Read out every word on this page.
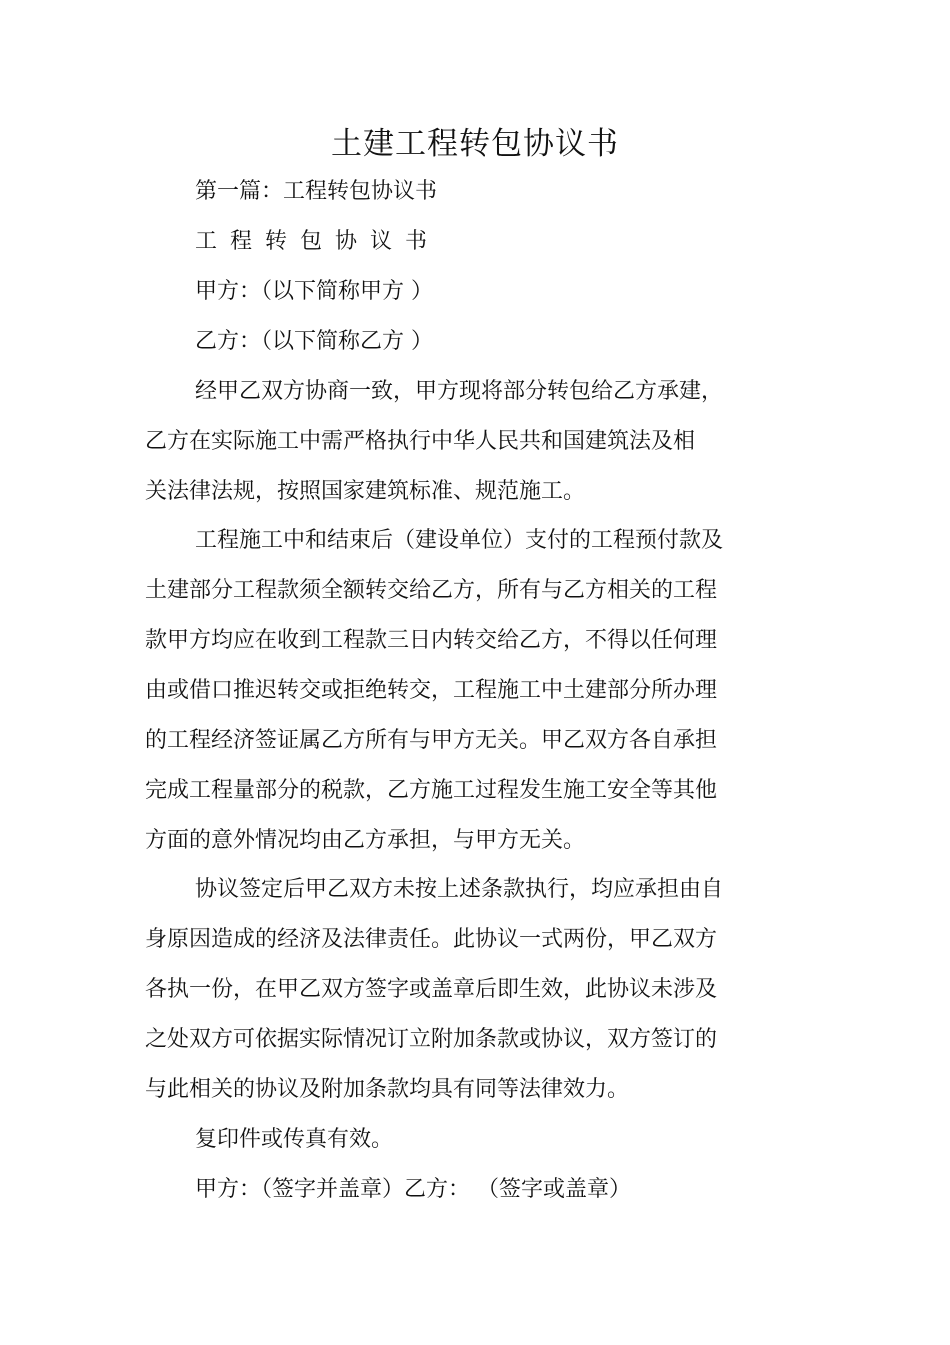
土建工程转包协议书
第一篇：工程转包协议书
工程转包协议书
甲方：（以下简称甲方 ）
乙方：（以下简称乙方 ）
经甲乙双方协商一致，甲方现将部分转包给乙方承建，
乙方在实际施工中需严格执行中华人民共和国建筑法及相
关法律法规，按照国家建筑标准、规范施工。
工程施工中和结束后（建设单位）支付的工程预付款及
土建部分工程款须全额转交给乙方，所有与乙方相关的工程
款甲方均应在收到工程款三日内转交给乙方，不得以任何理
由或借口推迟转交或拒绝转交，工程施工中土建部分所办理
的工程经济签证属乙方所有与甲方无关。甲乙双方各自承担
完成工程量部分的税款，乙方施工过程发生施工安全等其他
方面的意外情况均由乙方承担，与甲方无关。
协议签定后甲乙双方未按上述条款执行，均应承担由自
身原因造成的经济及法律责任。此协议一式两份，甲乙双方
各执一份，在甲乙双方签字或盖章后即生效，此协议未涉及
之处双方可依据实际情况订立附加条款或协议，双方签订的
与此相关的协议及附加条款均具有同等法律效力。
复印件或传真有效。
甲方：（签字并盖章）乙方： （签字或盖章）
